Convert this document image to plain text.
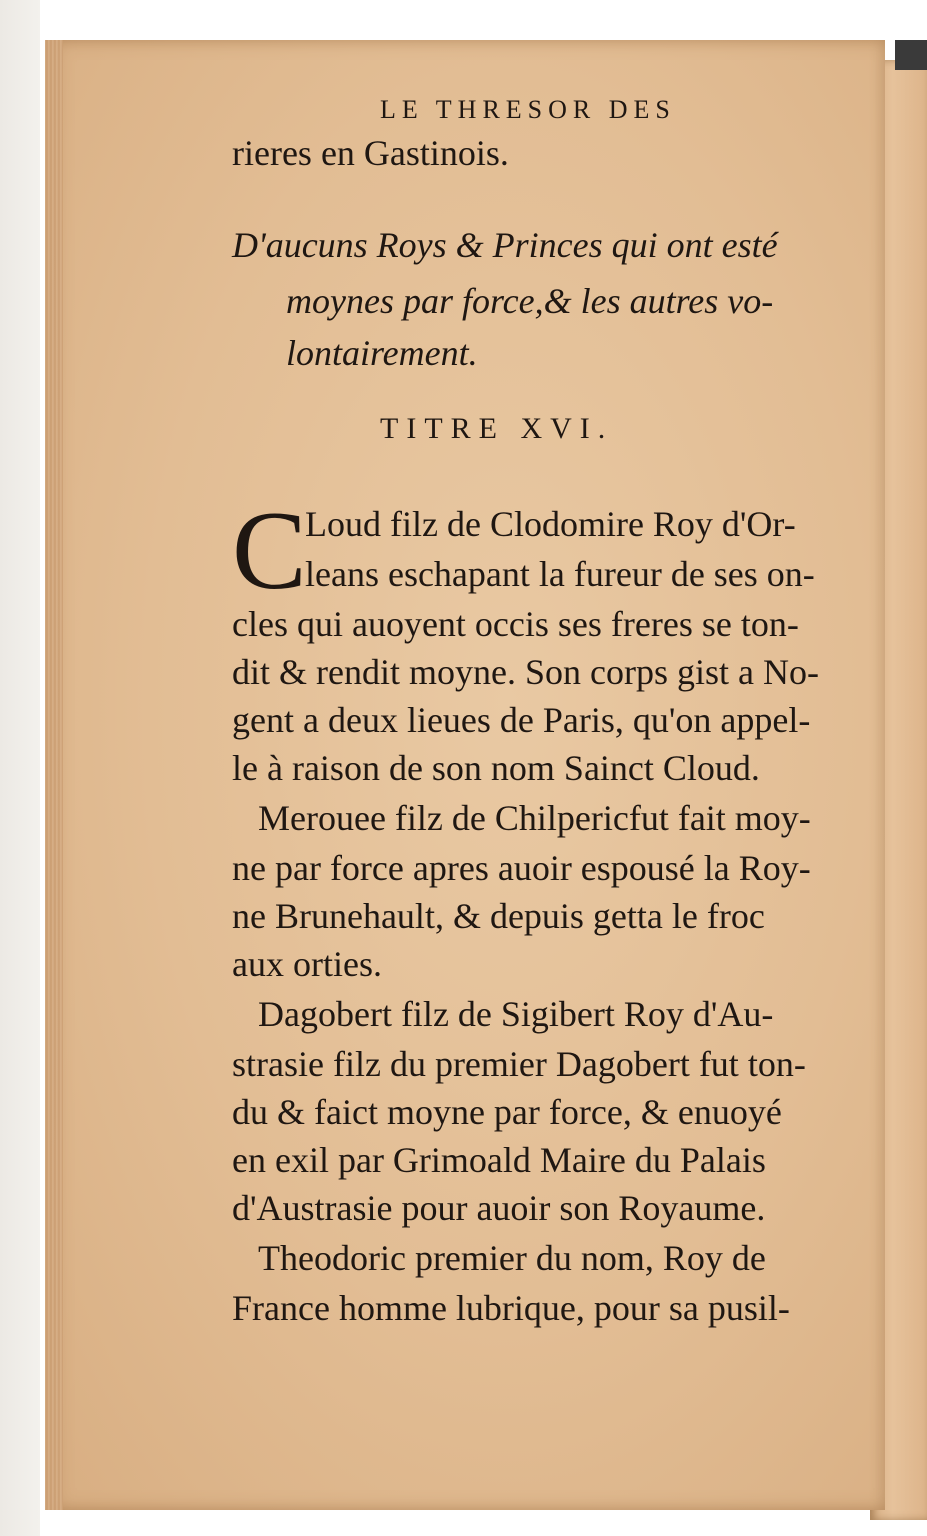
LE THRESOR DES
rieres en Gastinois.
D'aucuns Roys & Princes qui ont esté
moynes par force,& les autres vo-
lontairement.
TITRE XVI.
C
Loud filz de Clodomire Roy d'Or-
leans eschapant la fureur de ses on-
cles qui auoyent occis ses freres se ton-
dit & rendit moyne. Son corps gist a No-
gent a deux lieues de Paris, qu'on appel-
le à raison de son nom Sainct Cloud.
Merouee filz de Chilpericfut fait moy-
ne par force apres auoir espousé la Roy-
ne Brunehault, & depuis getta le froc
aux orties.
Dagobert filz de Sigibert Roy d'Au-
strasie filz du premier Dagobert fut ton-
du & faict moyne par force, & enuoyé
en exil par Grimoald Maire du Palais
d'Austrasie pour auoir son Royaume.
Theodoric premier du nom, Roy de
France homme lubrique, pour sa pusil-
